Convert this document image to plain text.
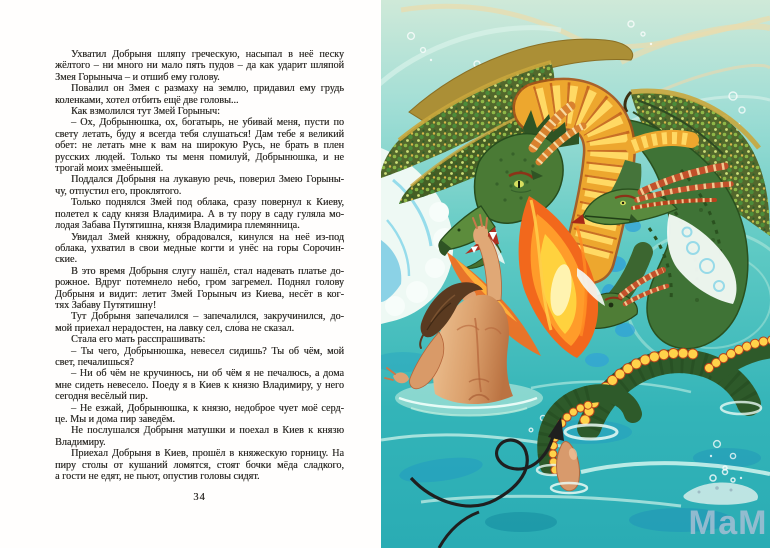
Ухватил Добрыня шляпу греческую, насыпал в неё песку
жёлтого – ни много ни мало пять пудов – да как ударит шляпой
Змея Горыныча – и отшиб ему голову.
Повалил он Змея с размаху на землю, придавил ему грудь
коленками, хотел отбить ещё две головы...
Как взмолился тут Змей Горыныч:
– Ох, Добрынюшка, ох, богатырь, не убивай меня, пусти по
свету летать, буду я всегда тебя слушаться! Дам тебе я великий
обет: не летать мне к вам на широкую Русь, не брать в плен
русских людей. Только ты меня помилуй, Добрынюшка, и не
трогай моих змеёнышей.
Поддался Добрыня на лукавую речь, поверил Змею Горыны-
чу, отпустил его, проклятого.
Только поднялся Змей под облака, сразу повернул к Киеву,
полетел к саду князя Владимира. А в ту пору в саду гуляла мо-
лодая Забава Путятишна, князя Владимира племянница.
Увидал Змей княжну, обрадовался, кинулся на неё из-под
облака, ухватил в свои медные когти и унёс на горы Сорочин-
ские.
В это время Добрыня слугу нашёл, стал надевать платье до-
рожное. Вдруг потемнело небо, гром загремел. Поднял голову
Добрыня и видит: летит Змей Горыныч из Киева, несёт в ког-
тях Забаву Путятишну!
Тут Добрыня запечалился – запечалился, закручинился, до-
мой приехал нерадостен, на лавку сел, сло́ва не сказал.
Стала его мать расспрашивать:
– Ты чего, Добрынюшка, невесел сидишь? Ты об чём, мой
свет, печалишься?
– Ни об чём не кручинюсь, ни об чём я не печалюсь, а дома
мне сидеть невесело. Поеду я в Киев к князю Владимиру, у него
сегодня весёлый пир.
– Не езжай, Добрынюшка, к князю, недоброе чует моё серд-
це. Мы и дома пир заведём.
Не послушался Добрыня матушки и поехал в Киев к князю
Владимиру.
Приехал Добрыня в Киев, прошёл в княжескую горницу. На
пиру столы от кушаний ломятся, стоят бочки мёда сладкого,
а гости не едят, не пьют, опустив головы сидят.
34
МаМ
